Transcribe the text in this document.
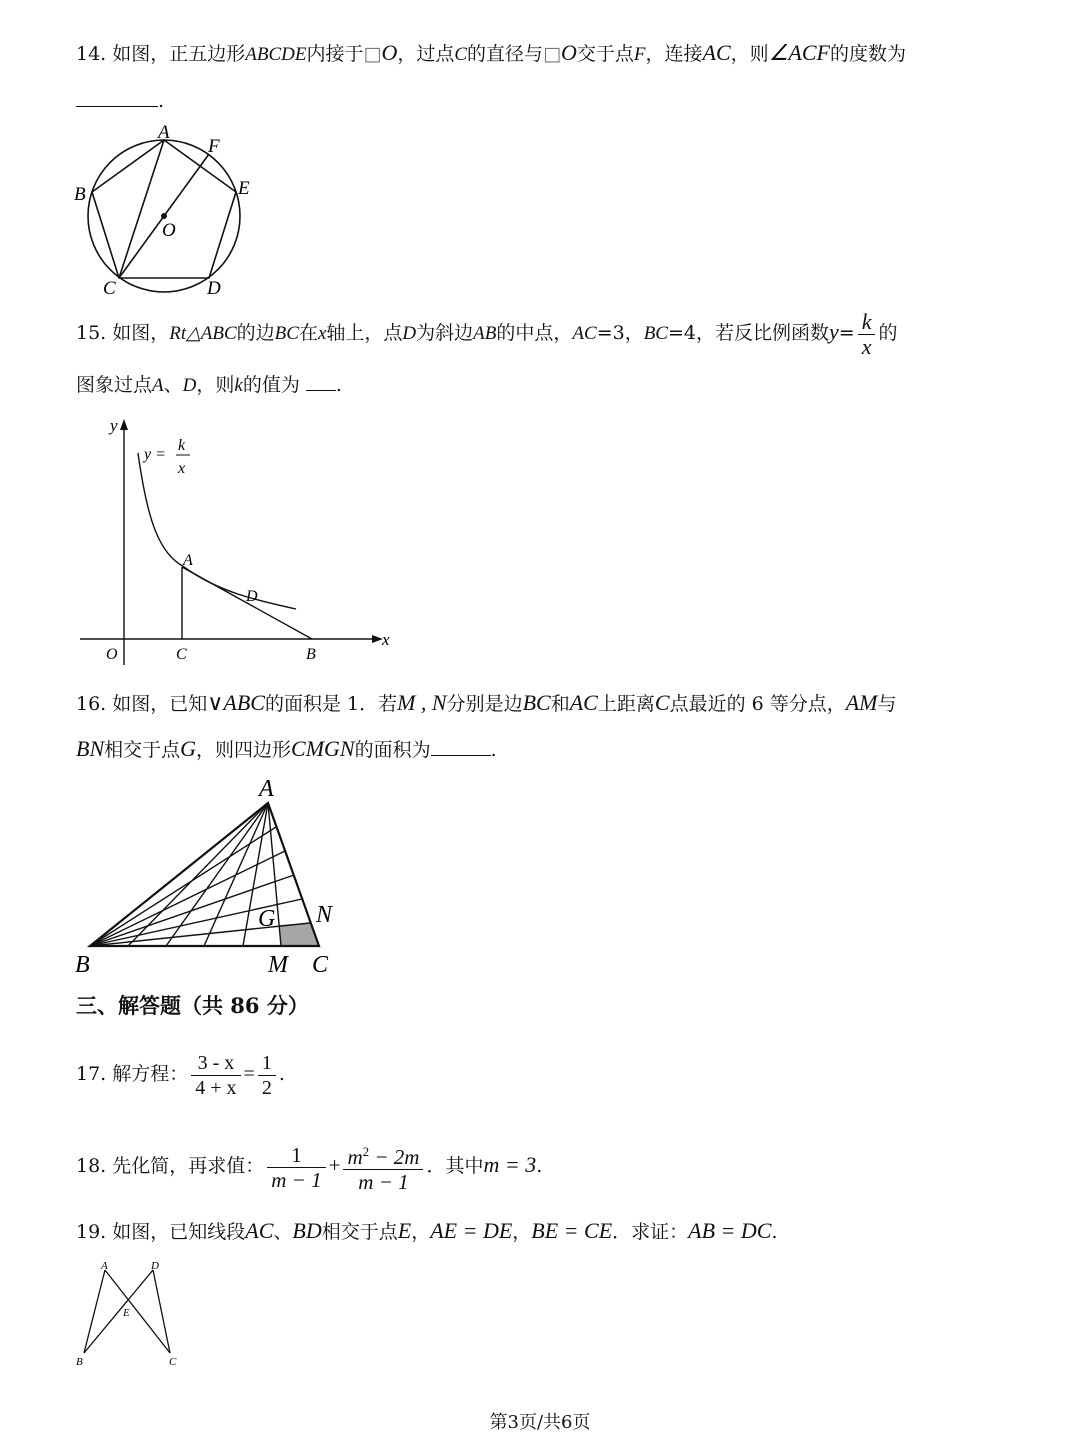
14. 如图，正五边形ABCDE内接于□O，过点C的直径与□O交于点F，连接AC，则∠ACF的度数为
.
A
B
C	D
E
F
O
15. 如图，Rt△ABC的边BC在x轴上，点D为斜边AB的中点，AC=3，BC=4，若反比例函数$y= \frac{k}{x}$ 的
图象过点A、D，则k的值为 .
y
x
y =
k
x
A
D
O	C	B
16. 如图，已知∨ABC的面积是 1．若M , N分别是边BC和AC上距离C点最近的 6 等分点，AM与
BN相交于点G，则四边形CMGN的面积为	.
A
B	M C
N
G
三、解答题（共 86 分）
17. 解方程： $\frac{3 - x}{4 + x} = \frac{1}{2}$ .
18. 先化简，再求值： $\frac{1}{m - 1} + \frac{m^2 - 2m}{m - 1}$ ．其中m = 3.
19. 如图，已知线段AC、BD相交于点E，AE = DE，BE = CE．求证：AB = DC.
A	D
E
B	C
第3页/共6页
